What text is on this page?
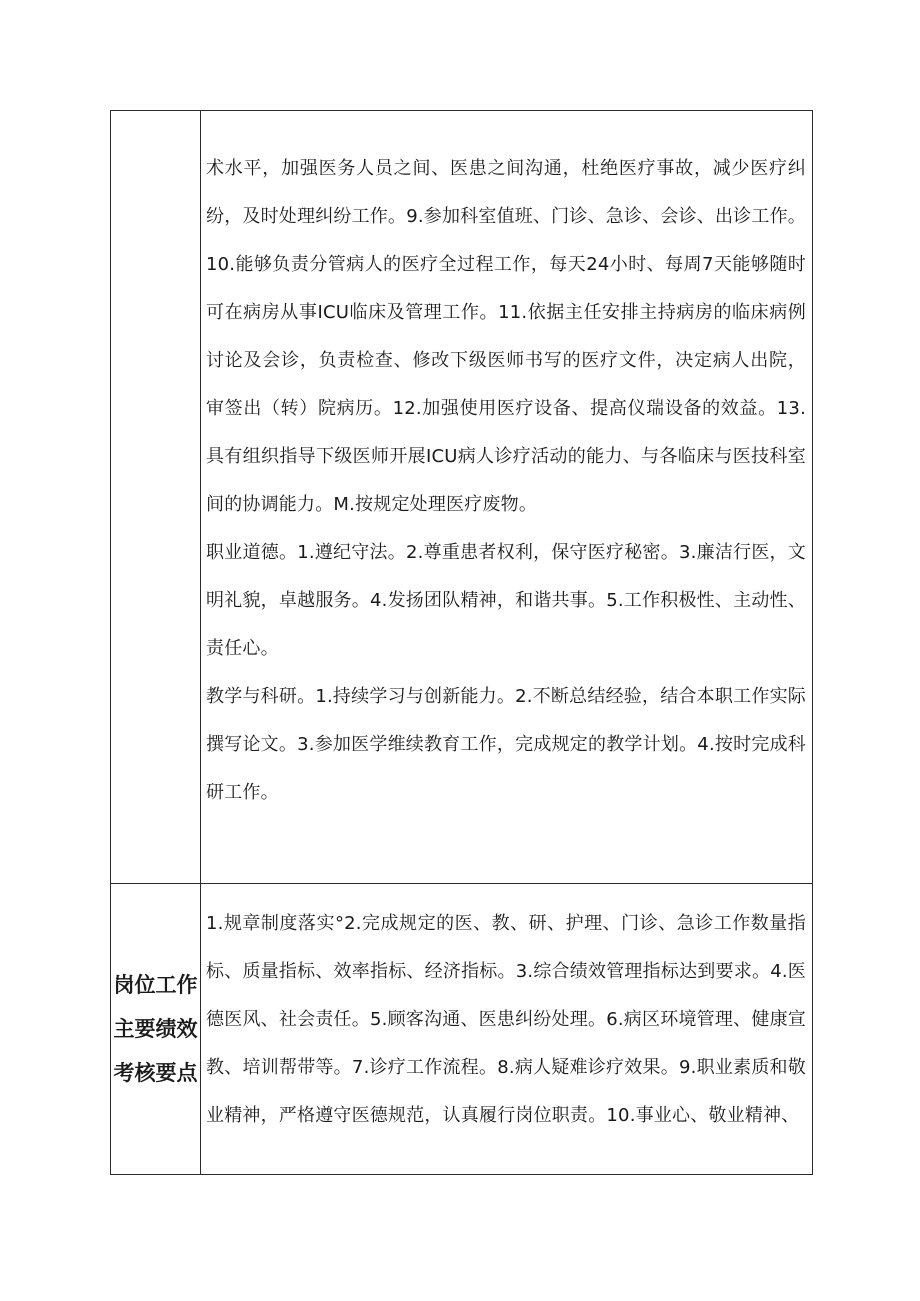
	术水平，加强医务人员之间、医患之间沟通，杜绝医疗事故，减少医疗纠纷，及时处理纠纷工作。9.参加科室值班、门诊、急诊、会诊、出诊工作。10.能够负责分管病人的医疗全过程工作，每天24小时、每周7天能够随时可在病房从事ICU临床及管理工作。11.依据主任安排主持病房的临床病例讨论及会诊，负责检查、修改下级医师书写的医疗文件，决定病人出院，审签出（转）院病历。12.加强使用医疗设备、提高仪瑞设备的效益。13.具有组织指导下级医师开展ICU病人诊疗活动的能力、与各临床与医技科室间的协调能力。M.按规定处理医疗废物。

职业道德。1.遵纪守法。2.尊重患者权利，保守医疗秘密。3.廉洁行医，文明礼貌，卓越服务。4.发扬团队精神，和谐共事。5.工作积极性、主动性、责任心。

教学与科研。1.持续学习与创新能力。2.不断总结经验，结合本职工作实际撰写论文。3.参加医学维续教育工作，完成规定的教学计划。4.按时完成科研工作。

岗位工作主要绩效考核要点	1.规章制度落实°2.完成规定的医、教、研、护理、门诊、急诊工作数量指标、质量指标、效率指标、经济指标。3.综合绩效管理指标达到要求。4.医德医风、社会责任。5.顾客沟通、医患纠纷处理。6.病区环境管理、健康宣教、培训帮带等。7.诊疗工作流程。8.病人疑难诊疗效果。9.职业素质和敬业精神，严格遵守医德规范，认真履行岗位职责。10.事业心、敬业精神、
